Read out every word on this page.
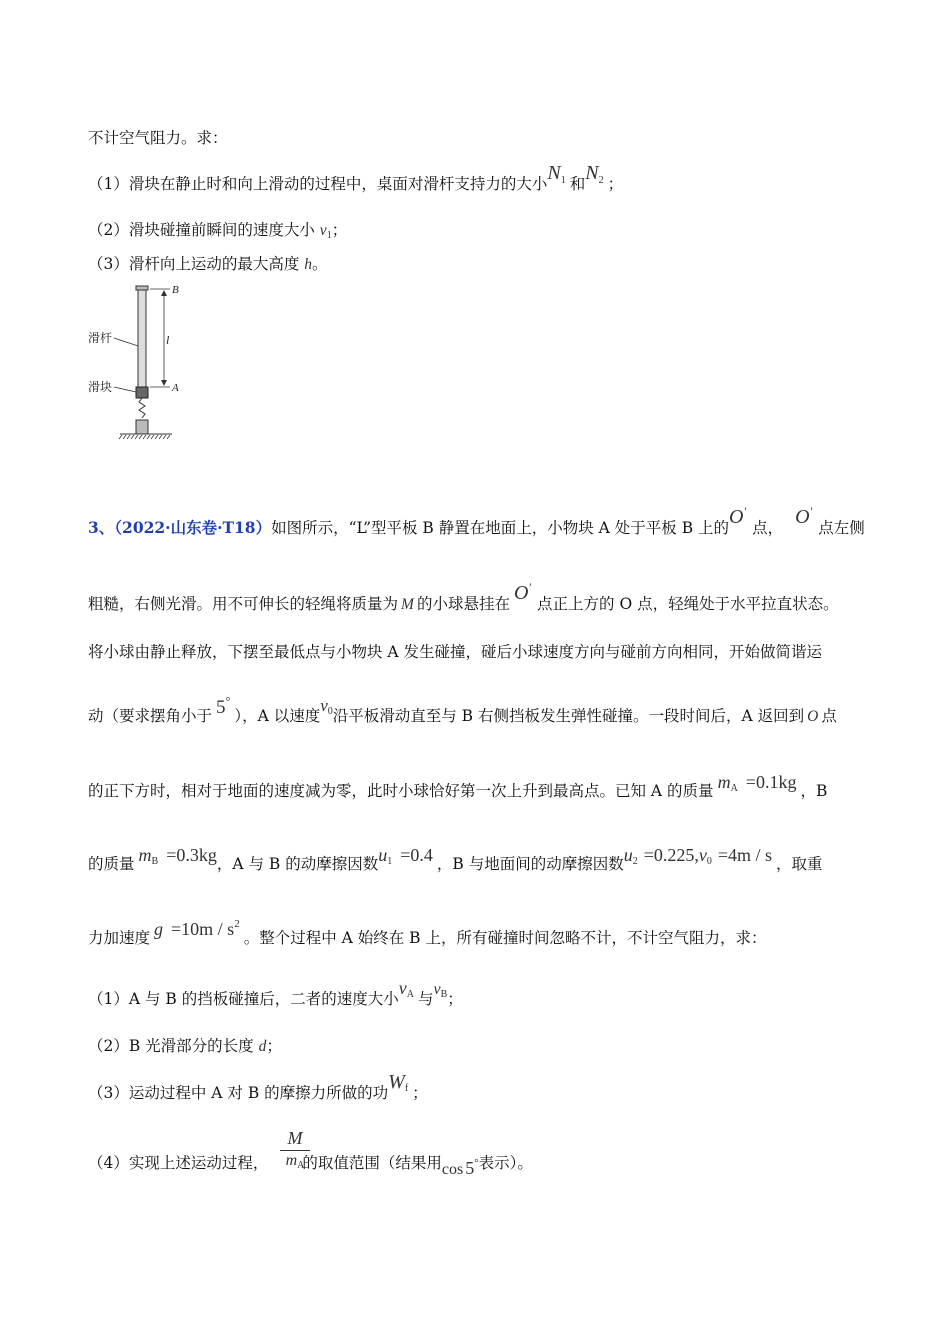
不计空气阻力。求：
（1）滑块在静止时和向上滑动的过程中，桌面对滑杆支持力的大小$N^1$ 和$N^2$ ；
（2）滑块碰撞前瞬间的速度大小 v1；
（3）滑杆向上运动的最大高度 h。
滑杆
滑块
B
A
l
3、（2022·山东卷·T18）如图所示，“L”型平板 B 静置在地面上，小物块 A 处于平板 B 上的O′点， O′点左侧
粗糙，右侧光滑。用不可伸长的轻绳将质量为 M 的小球悬挂在 O′点正上方的 O 点，轻绳处于水平拉直状态。
将小球由静止释放，下摆至最低点与小物块 A 发生碰撞，碰后小球速度方向与碰前方向相同，开始做简谐运
动（要求摆角小于 5°），A 以速度v0沿平板滑动直至与 B 右侧挡板发生弹性碰撞。一段时间后，A 返回到 O 点
的正下方时，相对于地面的速度减为零，此时小球恰好第一次上升到最高点。已知 A 的质量 mA =0.1kg ，B
的质量 mB =0.3kg，A 与 B 的动摩擦因数u1 =0.4 ，B 与地面间的动摩擦因数u2 =0.225,v0 =4m / s ，取重
力加速度 $g =10m / s^2$。整个过程中 A 始终在 B 上，所有碰撞时间忽略不计，不计空气阻力，求：
（1）A 与 B 的挡板碰撞后，二者的速度大小vA 与vB；
（2）B 光滑部分的长度 d；
（3）运动过程中 A 对 B 的摩擦力所做的功Wf ；
（4）实现上述运动过程， 的取值范围（结果用cos 5°表示）。
M
mA
